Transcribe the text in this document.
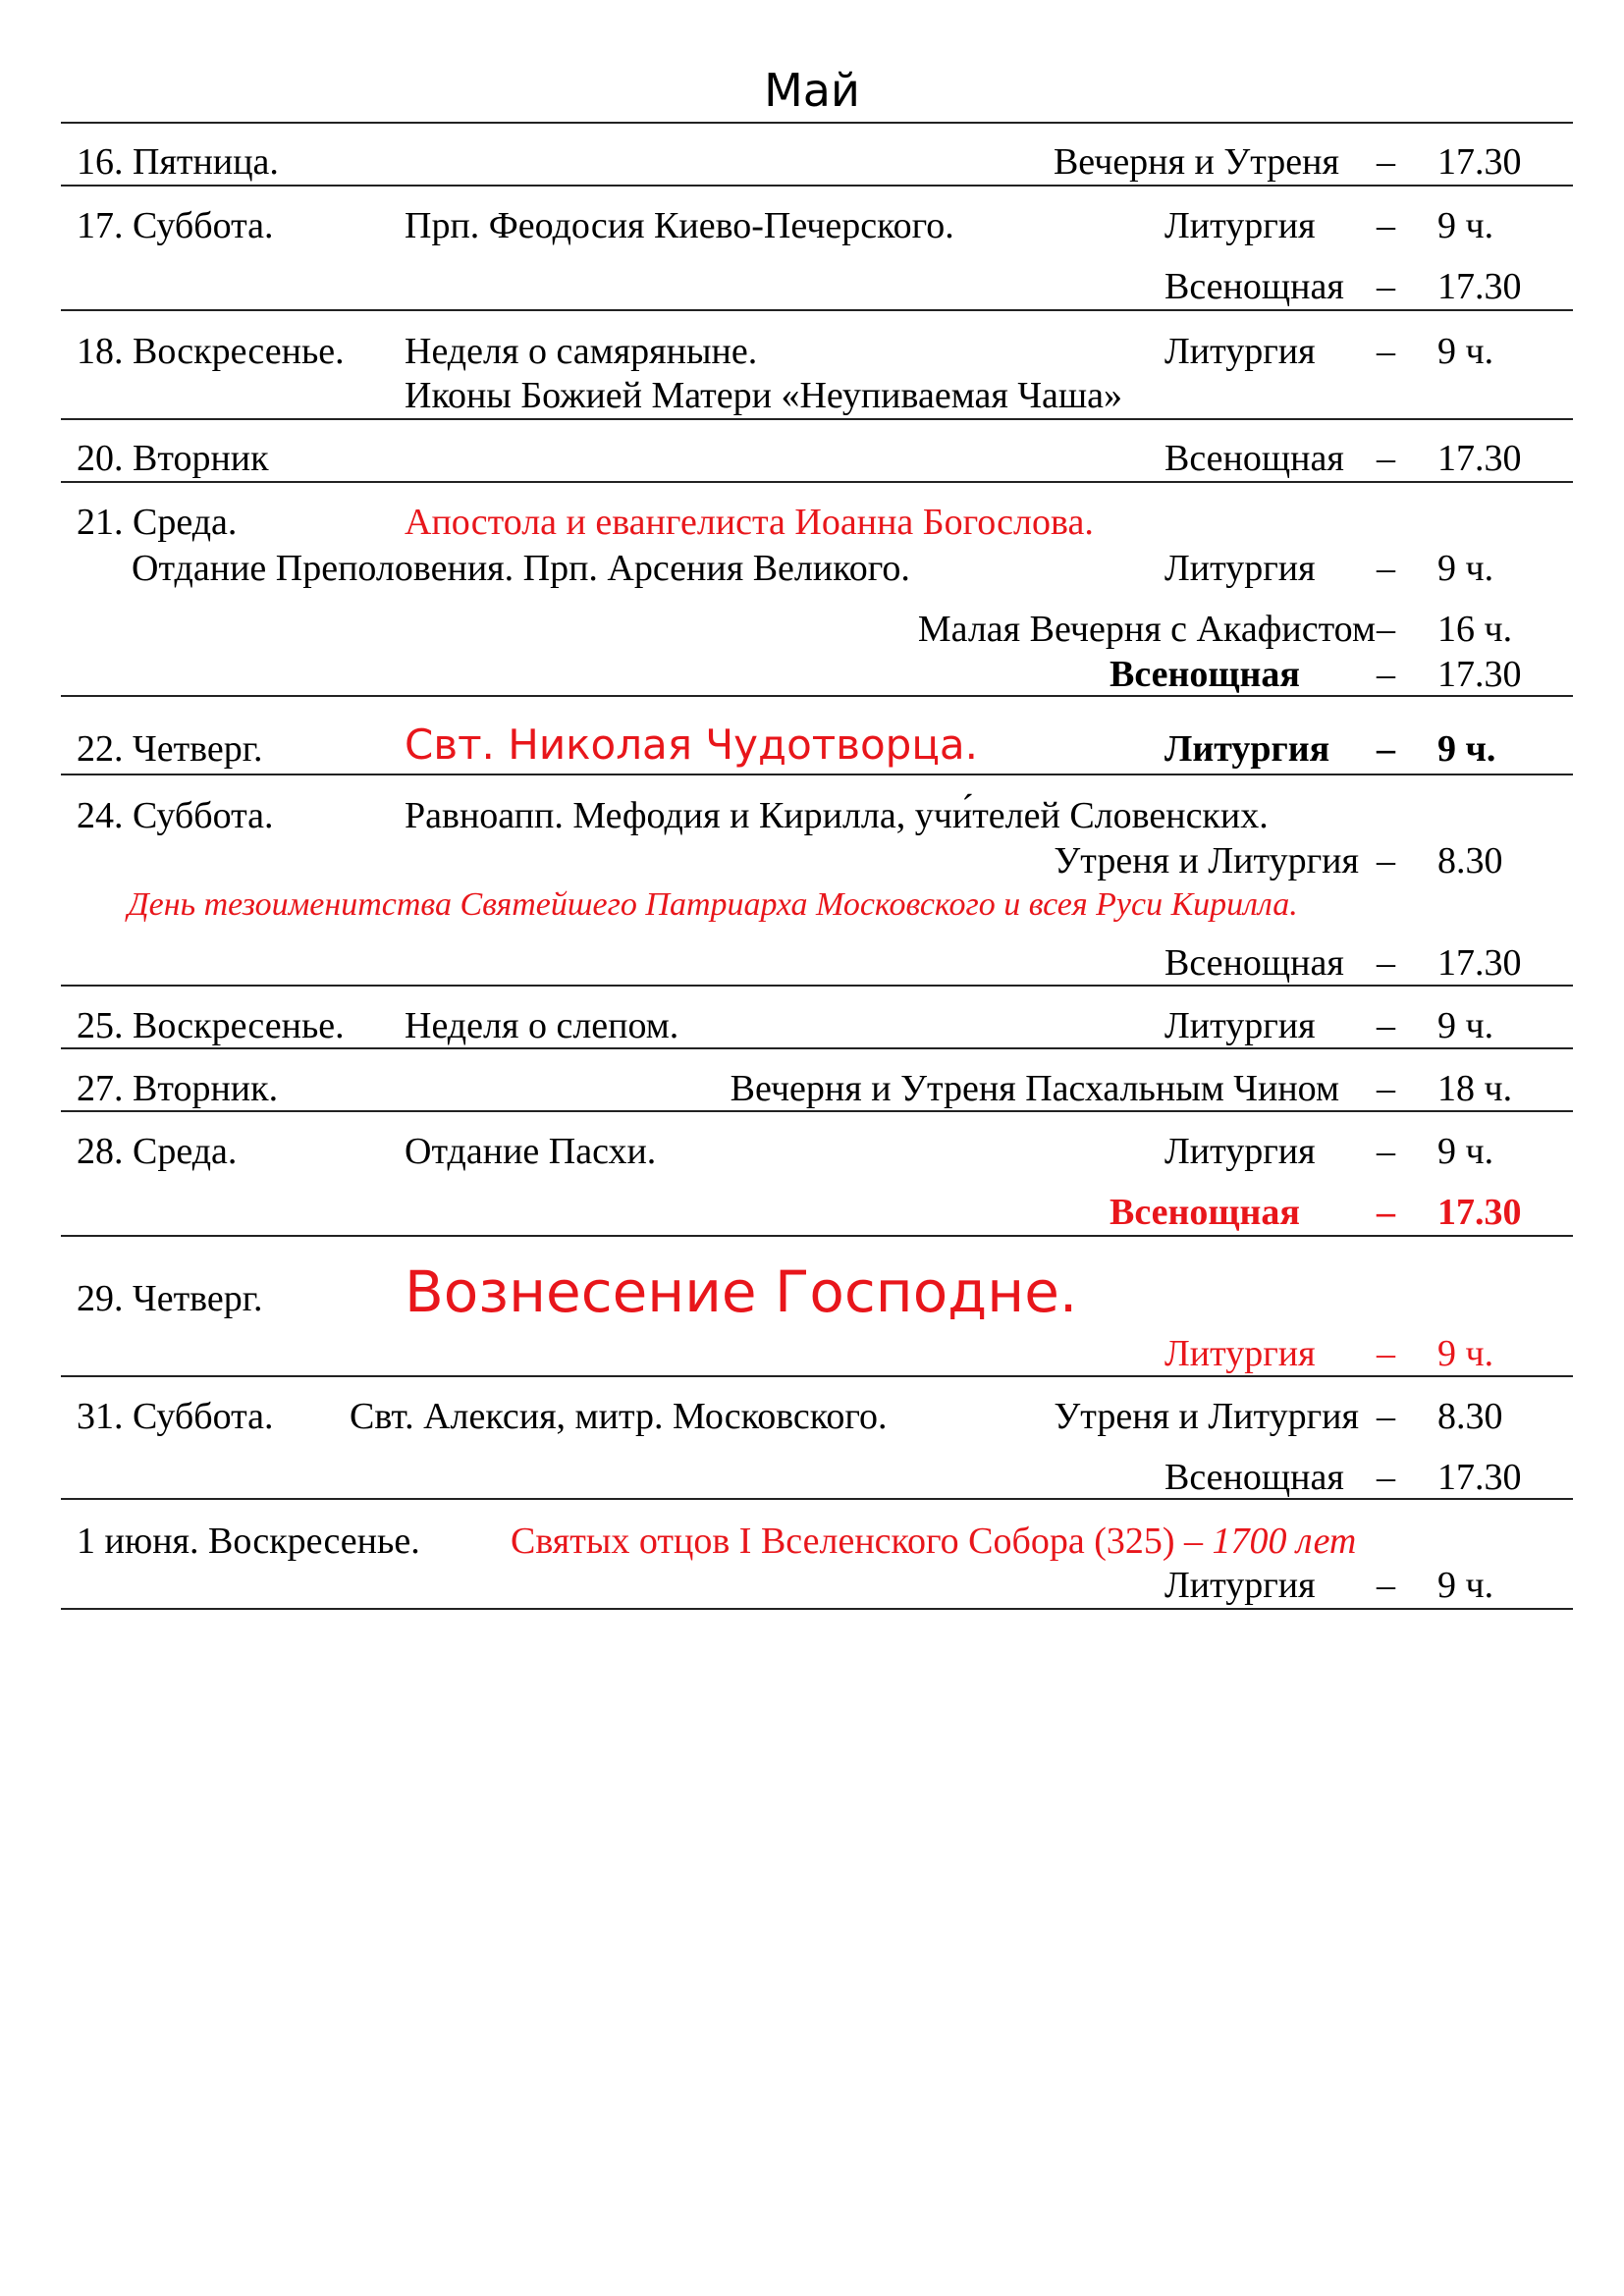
Май
16. Пятница.	Вечерня и Утреня – 17.30
17. Суббота.	Прп. Феодосия Киево-Печерского.	Литургия – 9 ч.
Всенощная – 17.30
18. Воскресенье. Неделя о самяряныне.
Иконы Божией Матери «Неупиваемая Чаша»
Литургия – 9 ч.
20. Вторник	Всенощная – 17.30
21. Среда.	Апостола и евангелиста Иоанна Богослова.
Отдание Преполовения. Прп. Арсения Великого.	Литургия – 9 ч.
Малая Вечерня с Акафистом – 16 ч.
Всенощная – 17.30
22. Четверг.	Свт. Николая Чудотворца.	Литургия – 9 ч.
24. Суббота.	Равноапп. Мефодия и Кирилла, учи́телей Словенских.
Утреня и Литургия – 8.30
День тезоименитства Святейшего Патриарха Московского и всея Руси Кирилла.
Всенощная – 17.30
25. Воскресенье. Неделя о слепом.	Литургия – 9 ч.
27. Вторник.	Вечерня и Утреня Пасхальным Чином – 18 ч.
28. Среда.	Отдание Пасхи.	Литургия – 9 ч.
Всенощная – 17.30
29. Четверг. Вознесение Господне.
Литургия – 9 ч.
31. Суббота. Свт. Алексия, митр. Московского.	Утреня и Литургия – 8.30
Всенощная – 17.30
1 июня. Воскресенье. Святых отцов I Вселенского Собора (325) – 1700 лет
Литургия – 9 ч.
